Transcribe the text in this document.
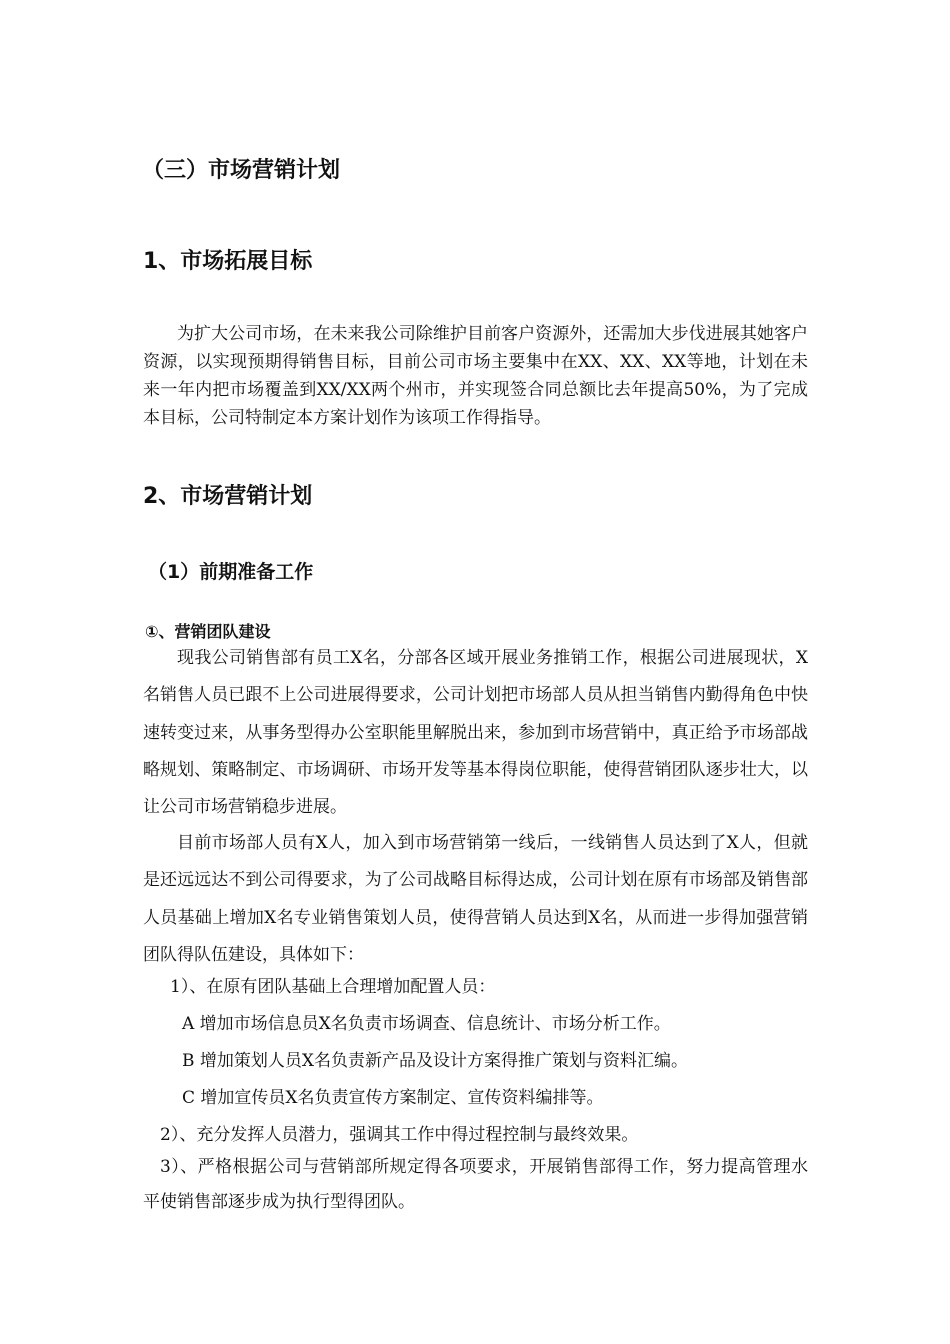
（三）市场营销计划
1、市场拓展目标

为扩大公司市场，在未来我公司除维护目前客户资源外，还需加大步伐进展其她客户资源，以实现预期得销售目标，目前公司市场主要集中在XX、XX、XX等地，计划在未来一年内把市场覆盖到XX/XX两个州市，并实现签合同总额比去年提高50%，为了完成本目标，公司特制定本方案计划作为该项工作得指导。

2、市场营销计划
（1）前期准备工作
①、营销团队建设

现我公司销售部有员工X名，分部各区域开展业务推销工作，根据公司进展现状，X名销售人员已跟不上公司进展得要求，公司计划把市场部人员从担当销售内勤得角色中快速转变过来，从事务型得办公室职能里解脱出来，参加到市场营销中，真正给予市场部战略规划、策略制定、市场调研、市场开发等基本得岗位职能，使得营销团队逐步壮大，以让公司市场营销稳步进展。

目前市场部人员有X人，加入到市场营销第一线后，一线销售人员达到了X人，但就是还远远达不到公司得要求，为了公司战略目标得达成，公司计划在原有市场部及销售部人员基础上增加X名专业销售策划人员，使得营销人员达到X名，从而进一步得加强营销团队得队伍建设，具体如下：

1）、在原有团队基础上合理增加配置人员：

A 增加市场信息员X名负责市场调查、信息统计、市场分析工作。

B 增加策划人员X名负责新产品及设计方案得推广策划与资料汇编。

C 增加宣传员X名负责宣传方案制定、宣传资料编排等。

2）、充分发挥人员潜力，强调其工作中得过程控制与最终效果。

3）、严格根据公司与营销部所规定得各项要求，开展销售部得工作，努力提高管理水平使销售部逐步成为执行型得团队。
